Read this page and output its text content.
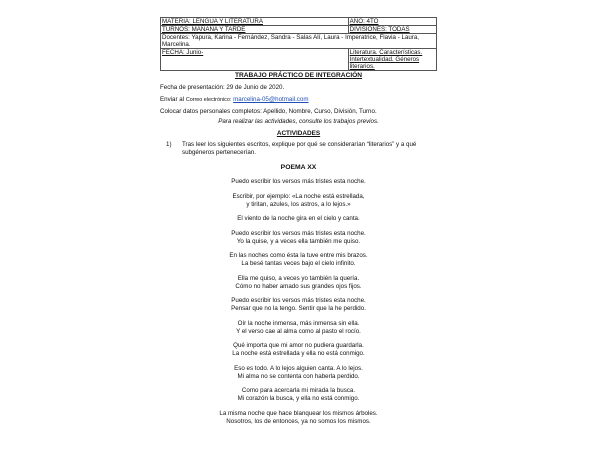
MATERIA: LENGUA Y LITERATURA	AÑO: 4TO
TURNOS: MAÑANA Y TARDE	DIVISIONES: TODAS
Docentes: Yapura, Karina - Fernández, Sandra - Salas Alí, Laura - Imperatrice, Flavia - Laura, Marcelina.	
FECHA: Junio-	Literatura. Características. Intertextualidad. Géneros literarios.
TRABAJO PRÁCTICO DE INTEGRACIÓN
Fecha de presentación: 29 de Junio de 2020.
Enviar al Correo electrónico: marcelina-05@hotmail.com
Colocar datos personales completos: Apellido, Nombre, Curso, División, Turno.
Para realizar las actividades, consulte los trabajos previos.
ACTIVIDADES
1) Tras leer los siguientes escritos, explique por qué se considerarían “literarios” y a qué subgéneros pertenecerían.
POEMA XX
Puedo escribir los versos más tristes esta noche.
Escribir, por ejemplo: «La noche está estrellada,
y tiritan, azules, los astros, a lo lejos.»
El viento de la noche gira en el cielo y canta.
Puedo escribir los versos más tristes esta noche.
Yo la quise, y a veces ella también me quiso.
En las noches como ésta la tuve entre mis brazos.
La besé tantas veces bajo el cielo infinito.
Ella me quiso, a veces yo también la quería.
Cómo no haber amado sus grandes ojos fijos.
Puedo escribir los versos más tristes esta noche.
Pensar que no la tengo. Sentir que la he perdido.
Oír la noche inmensa, más inmensa sin ella.
Y el verso cae al alma como al pasto el rocío.
Qué importa que mi amor no pudiera guardarla.
La noche está estrellada y ella no está conmigo.
Eso es todo. A lo lejos alguien canta. A lo lejos.
Mi alma no se contenta con haberla perdido.
Como para acercarla mi mirada la busca.
Mi corazón la busca, y ella no está conmigo.
La misma noche que hace blanquear los mismos árboles.
Nosotros, los de entonces, ya no somos los mismos.
